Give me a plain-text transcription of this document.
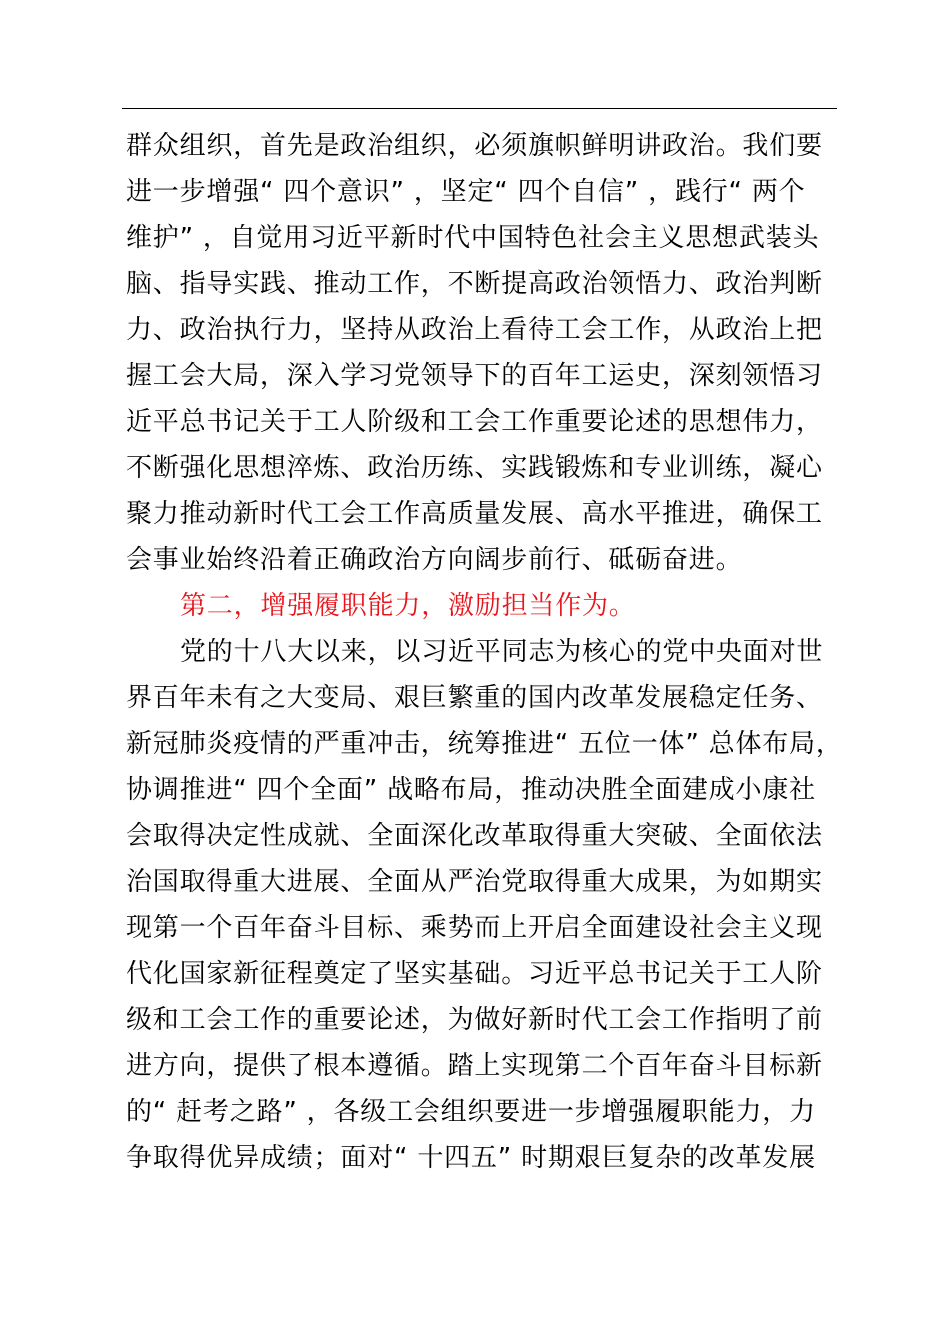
群众组织，首先是政治组织，必须旗帜鲜明讲政治。我们要
进一步增强“ 四个意识” ，坚定“ 四个自信” ，践行“ 两个
维护” ，自觉用习近平新时代中国特色社会主义思想武装头
脑、指导实践、推动工作，不断提高政治领悟力、政治判断
力、政治执行力，坚持从政治上看待工会工作，从政治上把
握工会大局，深入学习党领导下的百年工运史，深刻领悟习
近平总书记关于工人阶级和工会工作重要论述的思想伟力，
不断强化思想淬炼、政治历练、实践锻炼和专业训练，凝心
聚力推动新时代工会工作高质量发展、高水平推进，确保工
会事业始终沿着正确政治方向阔步前行、砥砺奋进。
第二，增强履职能力，激励担当作为。
党的十八大以来，以习近平同志为核心的党中央面对世
界百年未有之大变局、艰巨繁重的国内改革发展稳定任务、
新冠肺炎疫情的严重冲击，统筹推进“ 五位一体” 总体布局，
协调推进“ 四个全面” 战略布局，推动决胜全面建成小康社
会取得决定性成就、全面深化改革取得重大突破、全面依法
治国取得重大进展、全面从严治党取得重大成果，为如期实
现第一个百年奋斗目标、乘势而上开启全面建设社会主义现
代化国家新征程奠定了坚实基础。习近平总书记关于工人阶
级和工会工作的重要论述，为做好新时代工会工作指明了前
进方向，提供了根本遵循。踏上实现第二个百年奋斗目标新
的“ 赶考之路” ，各级工会组织要进一步增强履职能力，力
争取得优异成绩；面对“ 十四五” 时期艰巨复杂的改革发展
